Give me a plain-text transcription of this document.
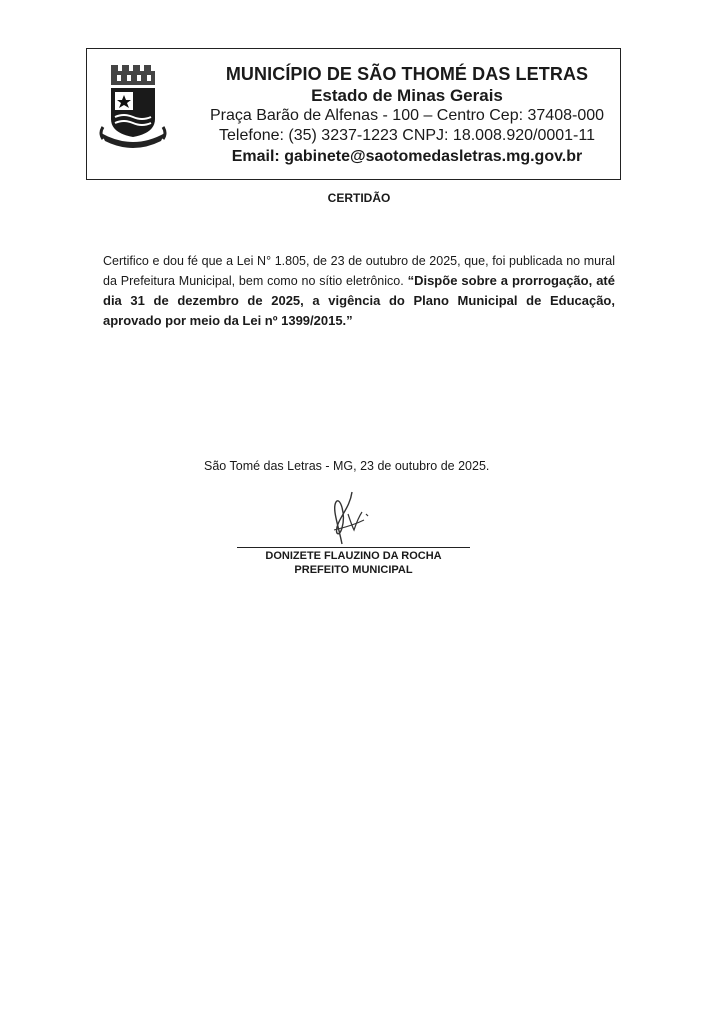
MUNICÍPIO DE SÃO THOMÉ DAS LETRAS
Estado de Minas Gerais
Praça Barão de Alfenas - 100 – Centro Cep: 37408-000
Telefone: (35) 3237-1223 CNPJ: 18.008.920/0001-11
Email: gabinete@saotomedasletras.mg.gov.br
CERTIDÃO
Certifico e dou fé que a Lei N° 1.805, de 23 de outubro de 2025, que, foi publicada no mural da Prefeitura Municipal, bem como no sítio eletrônico. “Dispõe sobre a prorrogação, até dia 31 de dezembro de 2025, a vigência do Plano Municipal de Educação, aprovado por meio da Lei nº 1399/2015.”
São Tomé das Letras - MG, 23 de outubro de 2025.
DONIZETE FLAUZINO DA ROCHA
PREFEITO MUNICIPAL
